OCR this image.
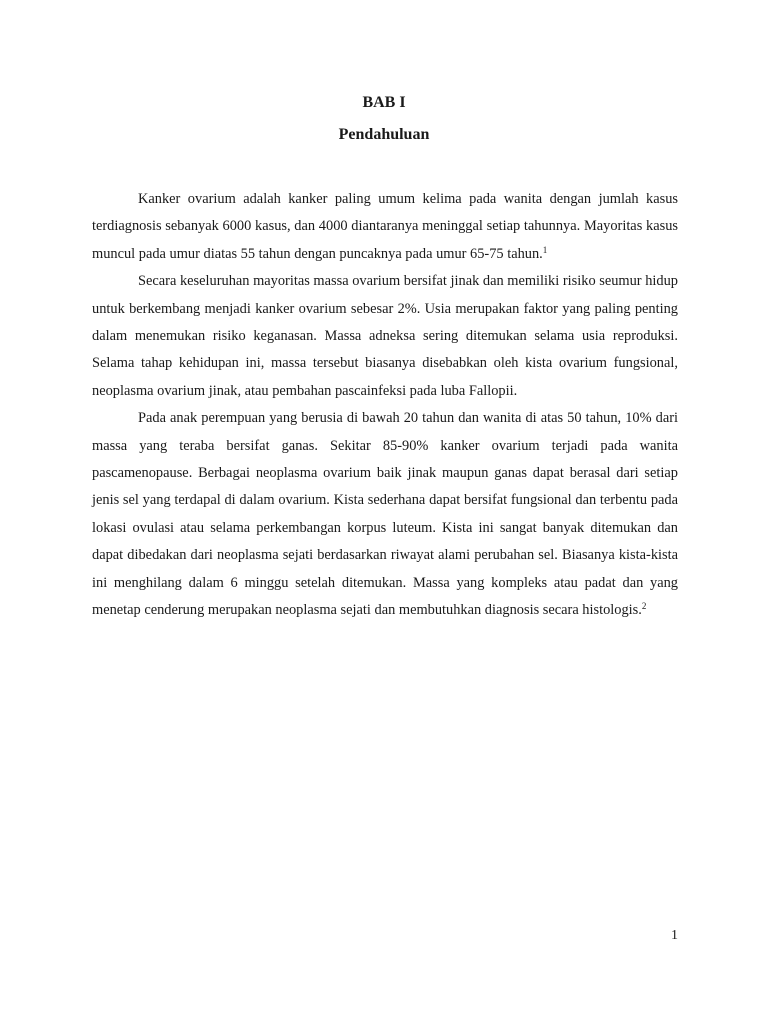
BAB I
Pendahuluan

Kanker ovarium adalah kanker paling umum kelima pada wanita dengan jumlah kasus terdiagnosis sebanyak 6000 kasus, dan 4000 diantaranya meninggal setiap tahunnya. Mayoritas kasus muncul pada umur diatas 55 tahun dengan puncaknya pada umur 65-75 tahun.$^1$

Secara keseluruhan mayoritas massa ovarium bersifat jinak dan memiliki risiko seumur hidup untuk berkembang menjadi kanker ovarium sebesar 2%. Usia merupakan faktor yang paling penting dalam menemukan risiko keganasan. Massa adneksa sering ditemukan selama usia reproduksi. Selama tahap kehidupan ini, massa tersebut biasanya disebabkan oleh kista ovarium fungsional, neoplasma ovarium jinak, atau pembahan pascainfeksi pada luba Fallopii.

Pada anak perempuan yang berusia di bawah 20 tahun dan wanita di atas 50 tahun, 10% dari massa yang teraba bersifat ganas. Sekitar 85-90% kanker ovarium terjadi pada wanita pascamenopause. Berbagai neoplasma ovarium baik jinak maupun ganas dapat berasal dari setiap jenis sel yang terdapal di dalam ovarium. Kista sederhana dapat bersifat fungsional dan terbentu pada lokasi ovulasi atau selama perkembangan korpus luteum. Kista ini sangat banyak ditemukan dan dapat dibedakan dari neoplasma sejati berdasarkan riwayat alami perubahan sel. Biasanya kista-kista ini menghilang dalam 6 minggu setelah ditemukan. Massa yang kompleks atau padat dan yang menetap cenderung merupakan neoplasma sejati dan membutuhkan diagnosis secara histologis.$^2$

1
